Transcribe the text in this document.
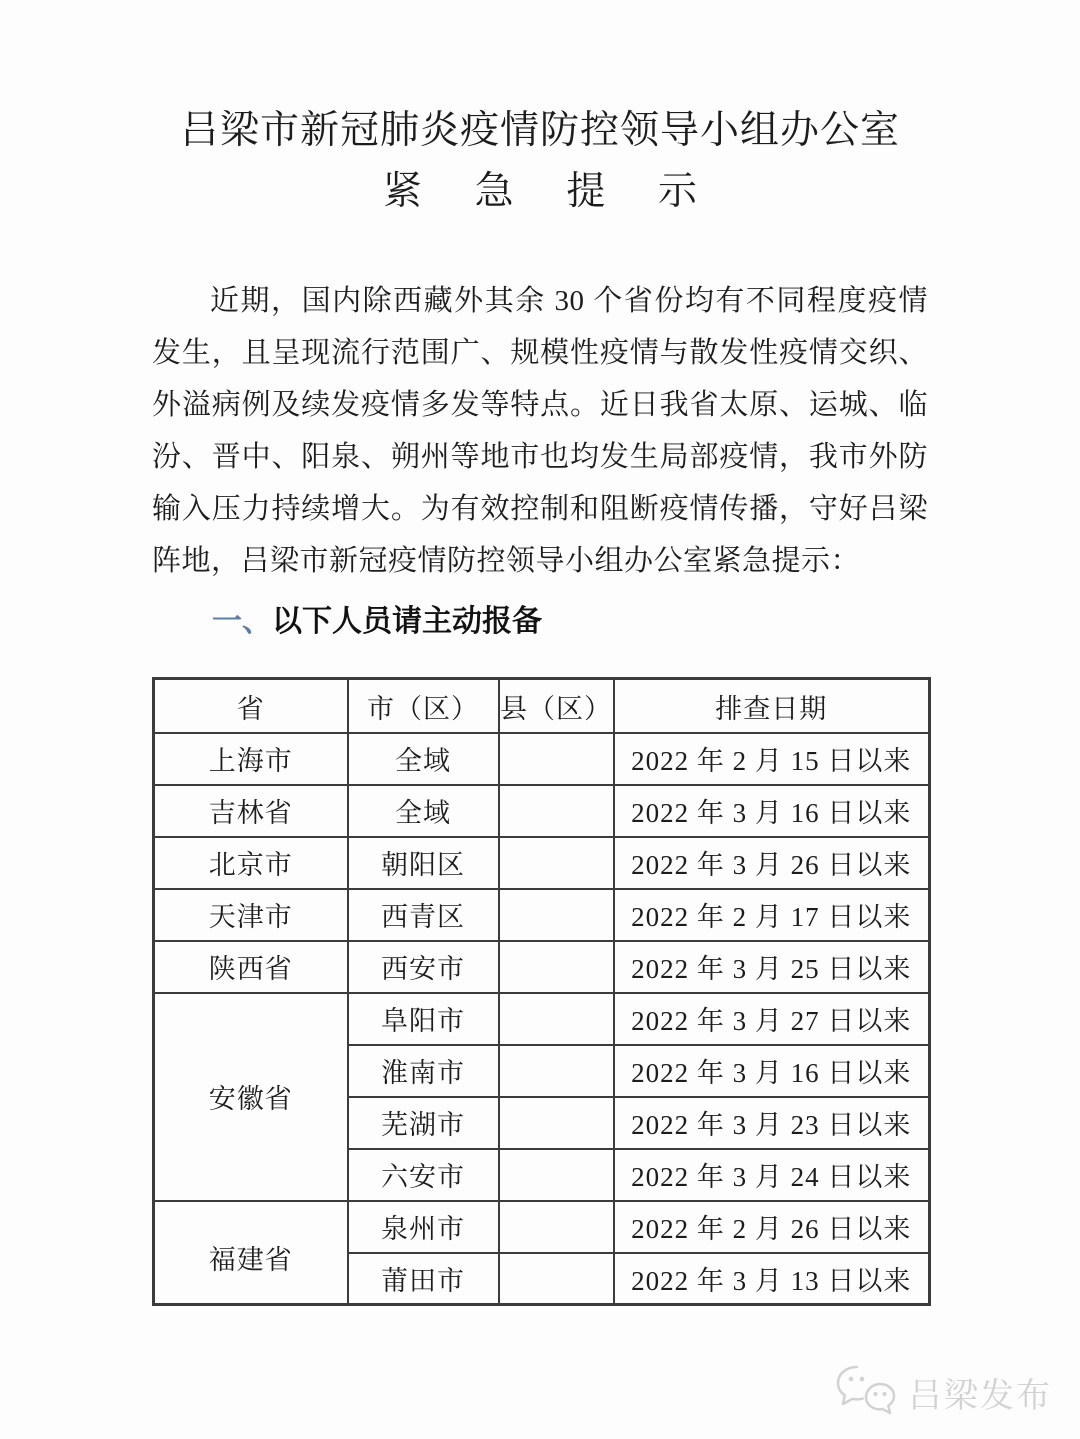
吕梁市新冠肺炎疫情防控领导小组办公室
紧 急 提 示

近期，国内除西藏外其余 30 个省份均有不同程度疫情发生，且呈现流行范围广、规模性疫情与散发性疫情交织、外溢病例及续发疫情多发等特点。近日我省太原、运城、临汾、晋中、阳泉、朔州等地市也均发生局部疫情，我市外防输入压力持续增大。为有效控制和阻断疫情传播，守好吕梁阵地，吕梁市新冠疫情防控领导小组办公室紧急提示：

一、以下人员请主动报备
省	市（区）	县（区）	排查日期
上海市	全域		2022 年 2 月 15 日以来
吉林省	全域		2022 年 3 月 16 日以来
北京市	朝阳区		2022 年 3 月 26 日以来
天津市	西青区		2022 年 2 月 17 日以来
陕西省	西安市		2022 年 3 月 25 日以来
安徽省	阜阳市		2022 年 3 月 27 日以来
	淮南市		2022 年 3 月 16 日以来
	芜湖市		2022 年 3 月 23 日以来
	六安市		2022 年 3 月 24 日以来
福建省	泉州市		2022 年 2 月 26 日以来
	莆田市		2022 年 3 月 13 日以来
吕梁发布
